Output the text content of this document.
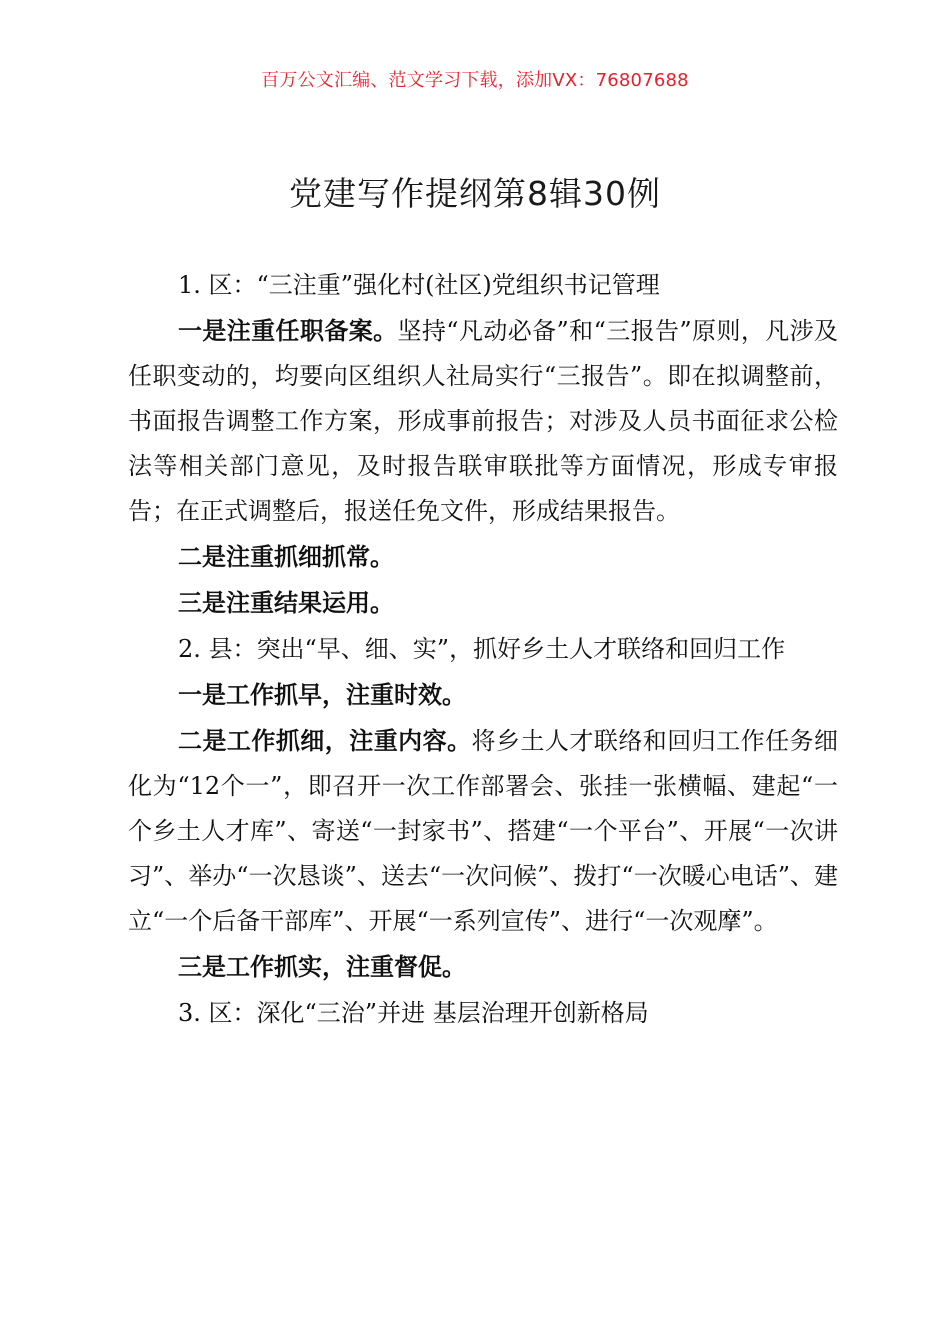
百万公文汇编、范文学习下载，添加VX：76807688
党建写作提纲第8辑30例

1. 区：“三注重”强化村(社区)党组织书记管理

一是注重任职备案。坚持“凡动必备”和“三报告”原则，凡涉及任职变动的，均要向区组织人社局实行“三报告”。即在拟调整前，书面报告调整工作方案，形成事前报告；对涉及人员书面征求公检法等相关部门意见，及时报告联审联批等方面情况，形成专审报告；在正式调整后，报送任免文件，形成结果报告。

二是注重抓细抓常。

三是注重结果运用。

2. 县：突出“早、细、实”，抓好乡土人才联络和回归工作

一是工作抓早，注重时效。

二是工作抓细，注重内容。将乡土人才联络和回归工作任务细化为“12个一”，即召开一次工作部署会、张挂一张横幅、建起“一个乡土人才库”、寄送“一封家书”、搭建“一个平台”、开展“一次讲习”、举办“一次恳谈”、送去“一次问候”、拨打“一次暖心电话”、建立“一个后备干部库”、开展“一系列宣传”、进行“一次观摩”。

三是工作抓实，注重督促。

3. 区：深化“三治”并进 基层治理开创新格局
